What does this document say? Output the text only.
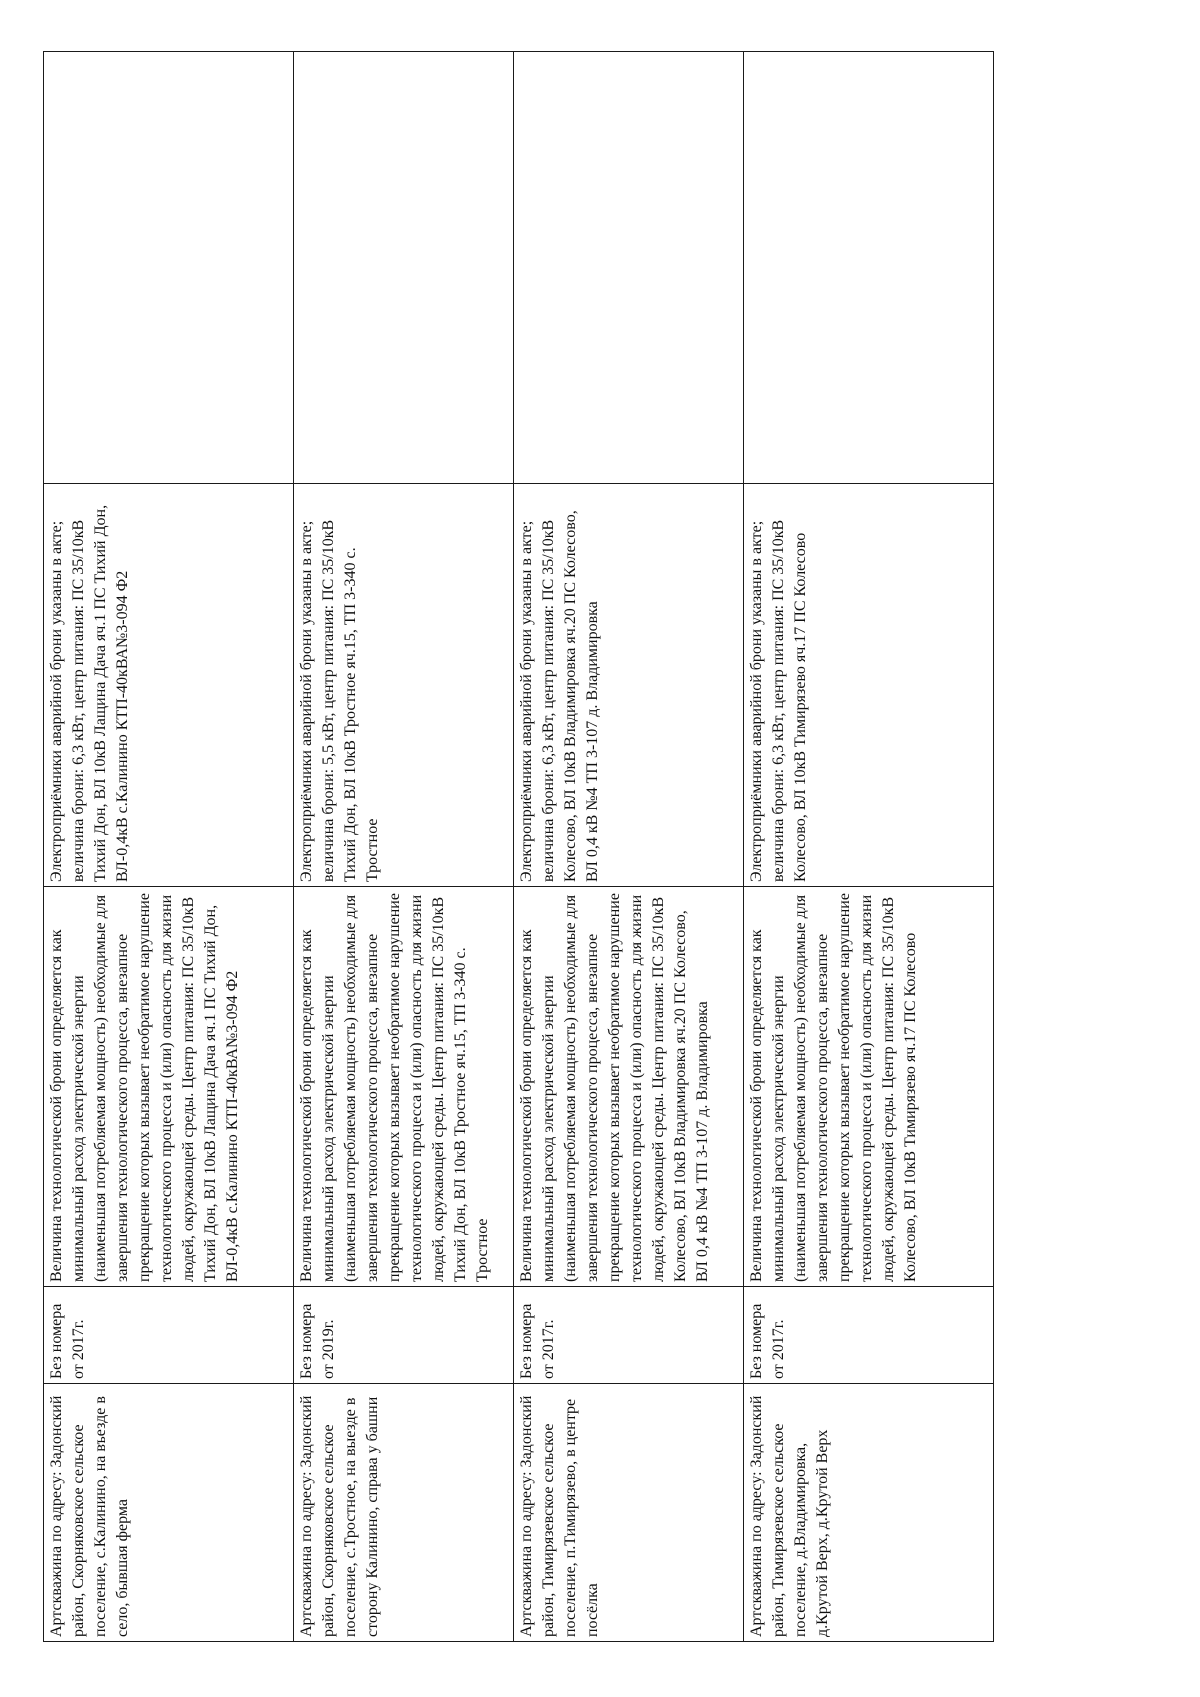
Артскважина по адресу: Задонский район, Скорняковское сельское поселение, с.Калинино, на въезде в село, бывшая ферма	Без номера от 2017г.	Величина технологической брони определяется как минимальный расход электрической энергии (наименьшая потребляемая мощность) необходимые для завершения технологического процесса, внезапное прекращение которых вызывает необратимое нарушение технологического процесса и (или) опасность для жизни людей, окружающей среды. Центр питания: ПС 35/10кВ Тихий Дон, ВЛ 10кВ Лащина Дача яч.1 ПС Тихий Дон, ВЛ-0,4кВ с.Калинино КТП-40кВА№3-094 Ф2	Электроприёмники аварийной брони указаны в акте; величина брони: 6,3 кВт, центр питания: ПС 35/10кВ Тихий Дон, ВЛ 10кВ Лащина Дача яч.1 ПС Тихий Дон, ВЛ-0,4кВ с.Калинино КТП-40кВА№3-094 Ф2	
Артскважина по адресу: Задонский район, Скорняковское сельское поселение, с.Тростное, на выезде в сторону Калинино, справа у башни	Без номера от 2019г.	Величина технологической брони определяется как минимальный расход электрической энергии (наименьшая потребляемая мощность) необходимые для завершения технологического процесса, внезапное прекращение которых вызывает необратимое нарушение технологического процесса и (или) опасность для жизни людей, окружающей среды. Центр питания: ПС 35/10кВ Тихий Дон, ВЛ 10кВ Тростное яч.15, ТП 3-340 с. Тростное	Электроприёмники аварийной брони указаны в акте; величина брони: 5,5 кВт, центр питания: ПС 35/10кВ Тихий Дон, ВЛ 10кВ Тростное яч.15, ТП 3-340 с. Тростное	
Артскважина по адресу: Задонский район, Тимирязевское сельское поселение, п.Тимирязево, в центре посёлка	Без номера от 2017г.	Величина технологической брони определяется как минимальный расход электрической энергии (наименьшая потребляемая мощность) необходимые для завершения технологического процесса, внезапное прекращение которых вызывает необратимое нарушение технологического процесса и (или) опасность для жизни людей, окружающей среды. Центр питания: ПС 35/10кВ Колесово, ВЛ 10кВ Владимировка яч.20 ПС Колесово, ВЛ 0,4 кВ №4 ТП 3-107 д. Владимировка	Электроприёмники аварийной брони указаны в акте; величина брони: 6,3 кВт, центр питания: ПС 35/10кВ Колесово, ВЛ 10кВ Владимировка яч.20 ПС Колесово, ВЛ 0,4 кВ №4 ТП 3-107 д. Владимировка	
Артскважина по адресу: Задонский район, Тимирязевское сельское поселение, д.Владимировка, д.Крутой Верх, д.Крутой Верх	Без номера от 2017г.	Величина технологической брони определяется как минимальный расход электрической энергии (наименьшая потребляемая мощность) необходимые для завершения технологического процесса, внезапное прекращение которых вызывает необратимое нарушение технологического процесса и (или) опасность для жизни людей, окружающей среды. Центр питания: ПС 35/10кВ Колесово, ВЛ 10кВ Тимирязево яч.17 ПС Колесово	Электроприёмники аварийной брони указаны в акте; величина брони: 6,3 кВт, центр питания: ПС 35/10кВ Колесово, ВЛ 10кВ Тимирязево яч.17 ПС Колесово	
